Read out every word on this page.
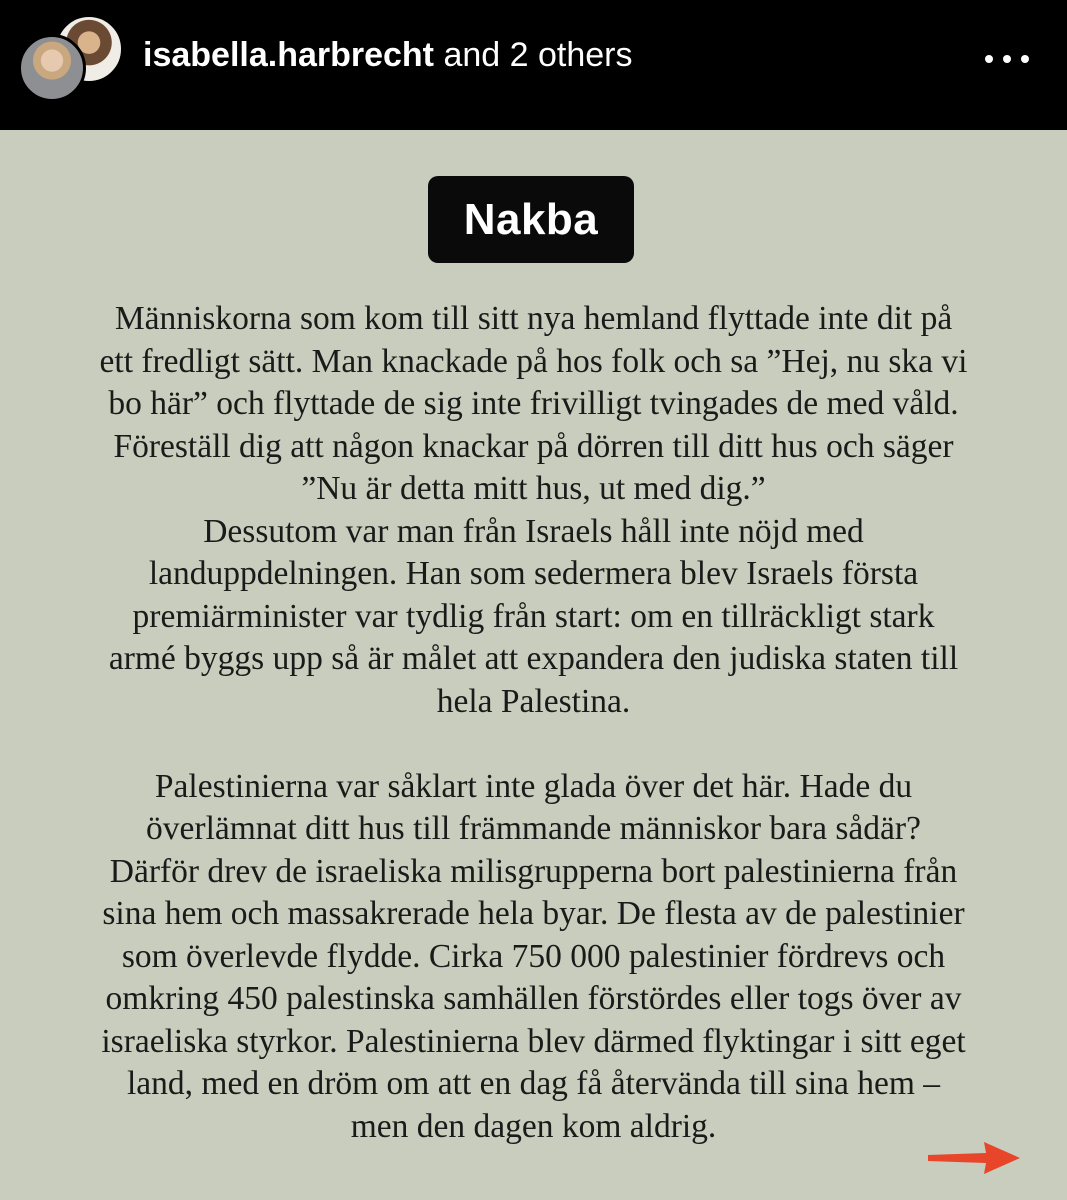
isabella.harbrecht and 2 others
Nakba
Människorna som kom till sitt nya hemland flyttade inte dit på
ett fredligt sätt. Man knackade på hos folk och sa ”Hej, nu ska vi
bo här” och flyttade de sig inte frivilligt tvingades de med våld.
Föreställ dig att någon knackar på dörren till ditt hus och säger
”Nu är detta mitt hus, ut med dig.”
Dessutom var man från Israels håll inte nöjd med
landuppdelningen. Han som sedermera blev Israels första
premiärminister var tydlig från start: om en tillräckligt stark
armé byggs upp så är målet att expandera den judiska staten till
hela Palestina.
Palestinierna var såklart inte glada över det här. Hade du
överlämnat ditt hus till främmande människor bara sådär?
Därför drev de israeliska milisgrupperna bort palestinierna från
sina hem och massakrerade hela byar. De flesta av de palestinier
som överlevde flydde. Cirka 750 000 palestinier fördrevs och
omkring 450 palestinska samhällen förstördes eller togs över av
israeliska styrkor. Palestinierna blev därmed flyktingar i sitt eget
land, med en dröm om att en dag få återvända till sina hem –
men den dagen kom aldrig.
